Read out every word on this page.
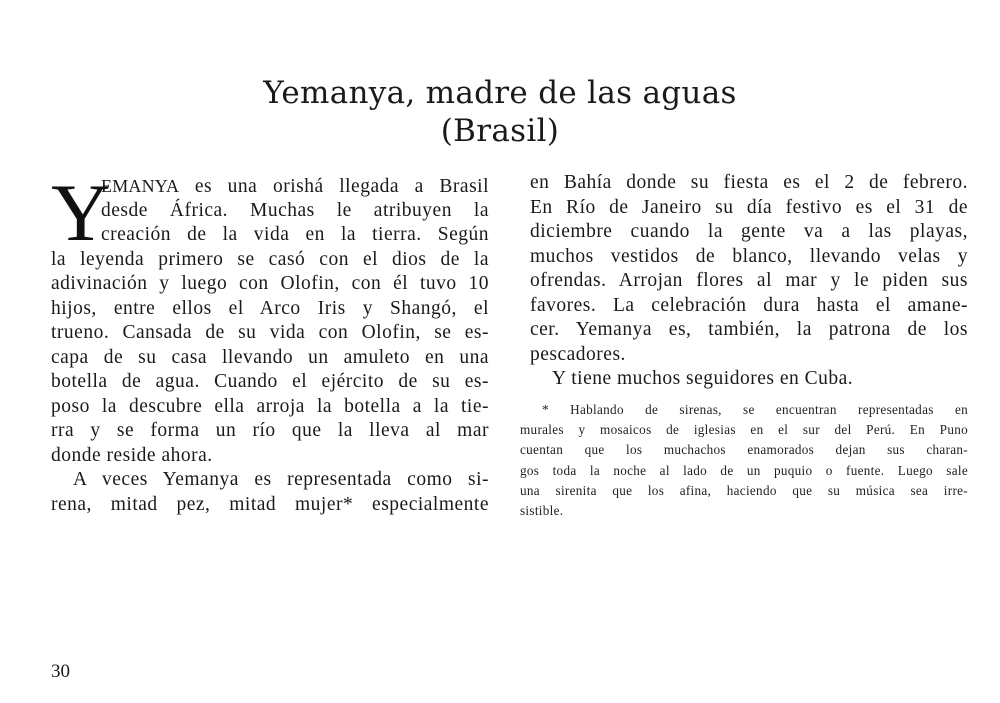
Yemanya, madre de las aguas
(Brasil)
Y
EMANYA es una orishá llegada a Brasil
desde África. Muchas le atribuyen la
creación de la vida en la tierra. Según
la leyenda primero se casó con el dios de la
adivinación y luego con Olofin, con él tuvo 10
hijos, entre ellos el Arco Iris y Shangó, el
trueno. Cansada de su vida con Olofin, se es-
capa de su casa llevando un amuleto en una
botella de agua. Cuando el ejército de su es-
poso la descubre ella arroja la botella a la tie-
rra y se forma un río que la lleva al mar
donde reside ahora.
A veces Yemanya es representada como si-
rena, mitad pez, mitad mujer* especialmente
en Bahía donde su fiesta es el 2 de febrero.
En Río de Janeiro su día festivo es el 31 de
diciembre cuando la gente va a las playas,
muchos vestidos de blanco, llevando velas y
ofrendas. Arrojan flores al mar y le piden sus
favores. La celebración dura hasta el amane-
cer. Yemanya es, también, la patrona de los
pescadores.
Y tiene muchos seguidores en Cuba.
* Hablando de sirenas, se encuentran representadas en
murales y mosaicos de iglesias en el sur del Perú. En Puno
cuentan que los muchachos enamorados dejan sus charan-
gos toda la noche al lado de un puquio o fuente. Luego sale
una sirenita que los afina, haciendo que su música sea irre-
sistible.
30
